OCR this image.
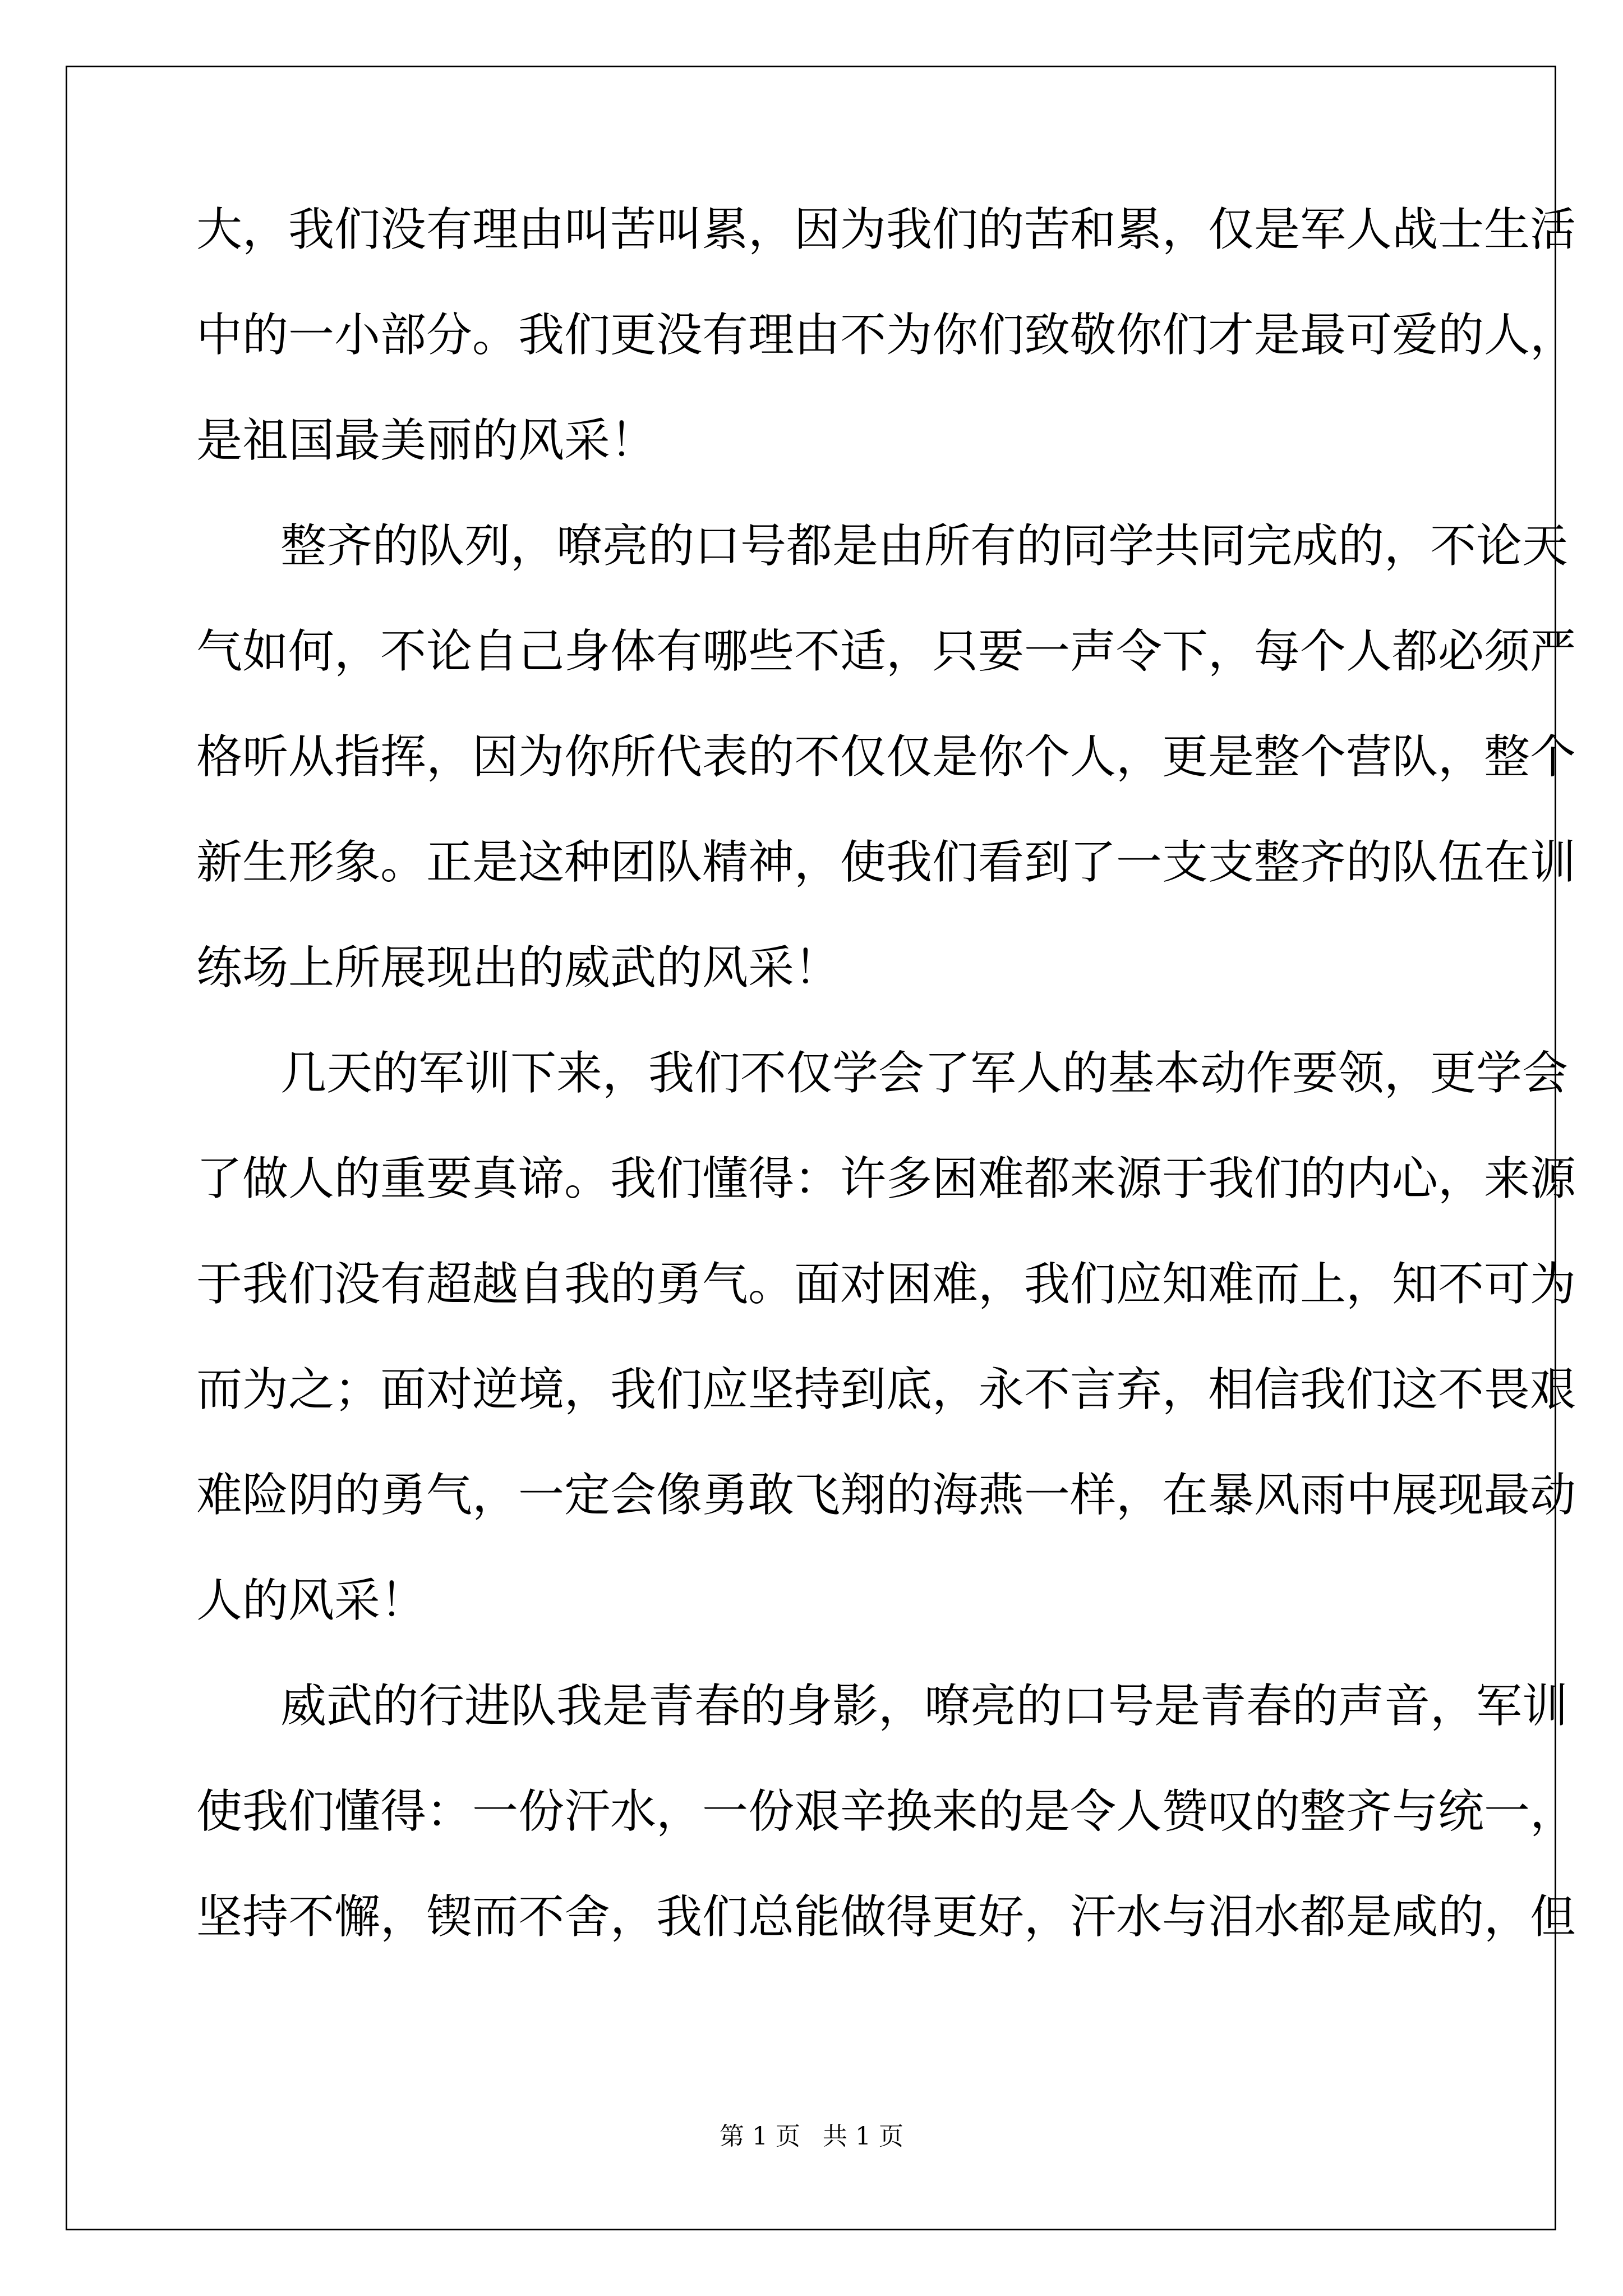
大，我们没有理由叫苦叫累，因为我们的苦和累，仅是军人战士生活
中的一小部分。我们更没有理由不为你们致敬你们才是最可爱的人，
是祖国最美丽的风采！
整齐的队列，嘹亮的口号都是由所有的同学共同完成的，不论天
气如何，不论自己身体有哪些不适，只要一声令下，每个人都必须严
格听从指挥，因为你所代表的不仅仅是你个人，更是整个营队，整个
新生形象。正是这种团队精神，使我们看到了一支支整齐的队伍在训
练场上所展现出的威武的风采！
几天的军训下来，我们不仅学会了军人的基本动作要领，更学会
了做人的重要真谛。我们懂得：许多困难都来源于我们的内心，来源
于我们没有超越自我的勇气。面对困难，我们应知难而上，知不可为
而为之；面对逆境，我们应坚持到底，永不言弃，相信我们这不畏艰
难险阴的勇气，一定会像勇敢飞翔的海燕一样，在暴风雨中展现最动
人的风采！
威武的行进队我是青春的身影，嘹亮的口号是青春的声音，军训
使我们懂得：一份汗水，一份艰辛换来的是令人赞叹的整齐与统一，
坚持不懈，锲而不舍，我们总能做得更好，汗水与泪水都是咸的，但
第 1 页 共 1 页
